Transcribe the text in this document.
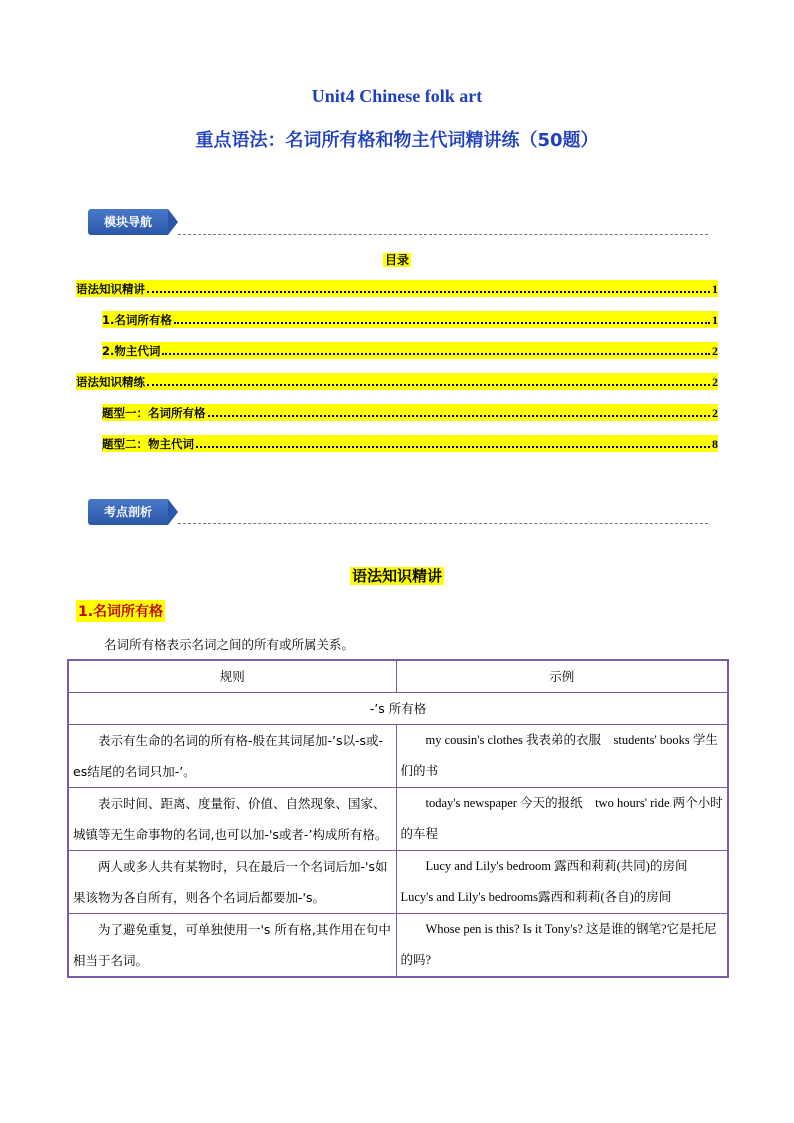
Unit4 Chinese folk art
重点语法：名词所有格和物主代词精讲练（50题）
模块导航
目录
语法知识精讲	1
1.名词所有格	1
2.物主代词	2
语法知识精练	2
题型一：名词所有格	2
题型二：物主代词	8
考点剖析
语法知识精讲
1.名词所有格
名词所有格表示名词之间的所有或所属关系。
规则	示例
-’s 所有格	
表示有生命的名词的所有格-般在其词尾加-’s以-s或-es结尾的名词只加-’。	my cousin's clothes 我表弟的衣服　students' books 学生们的书
表示时间、距离、度量衔、价值、自然现象、国家、城镇等无生命事物的名词,也可以加-'s或者-’构成所有格。	today's newspaper 今天的报纸　two hours' ride 两个小时的车程
两人或多人共有某物时，只在最后一个名词后加-'s如果该物为各自所有，则各个名词后都要加-'s。	Lucy and Lily's bedroom 露西和莉莉(共同)的房间 Lucy's and Lily's bedrooms露西和莉莉(各自)的房间
为了避免重复，可单独使用一's 所有格,其作用在句中相当于名词。	Whose pen is this? Is it Tony's? 这是谁的钢笔?它是托尼的吗?
